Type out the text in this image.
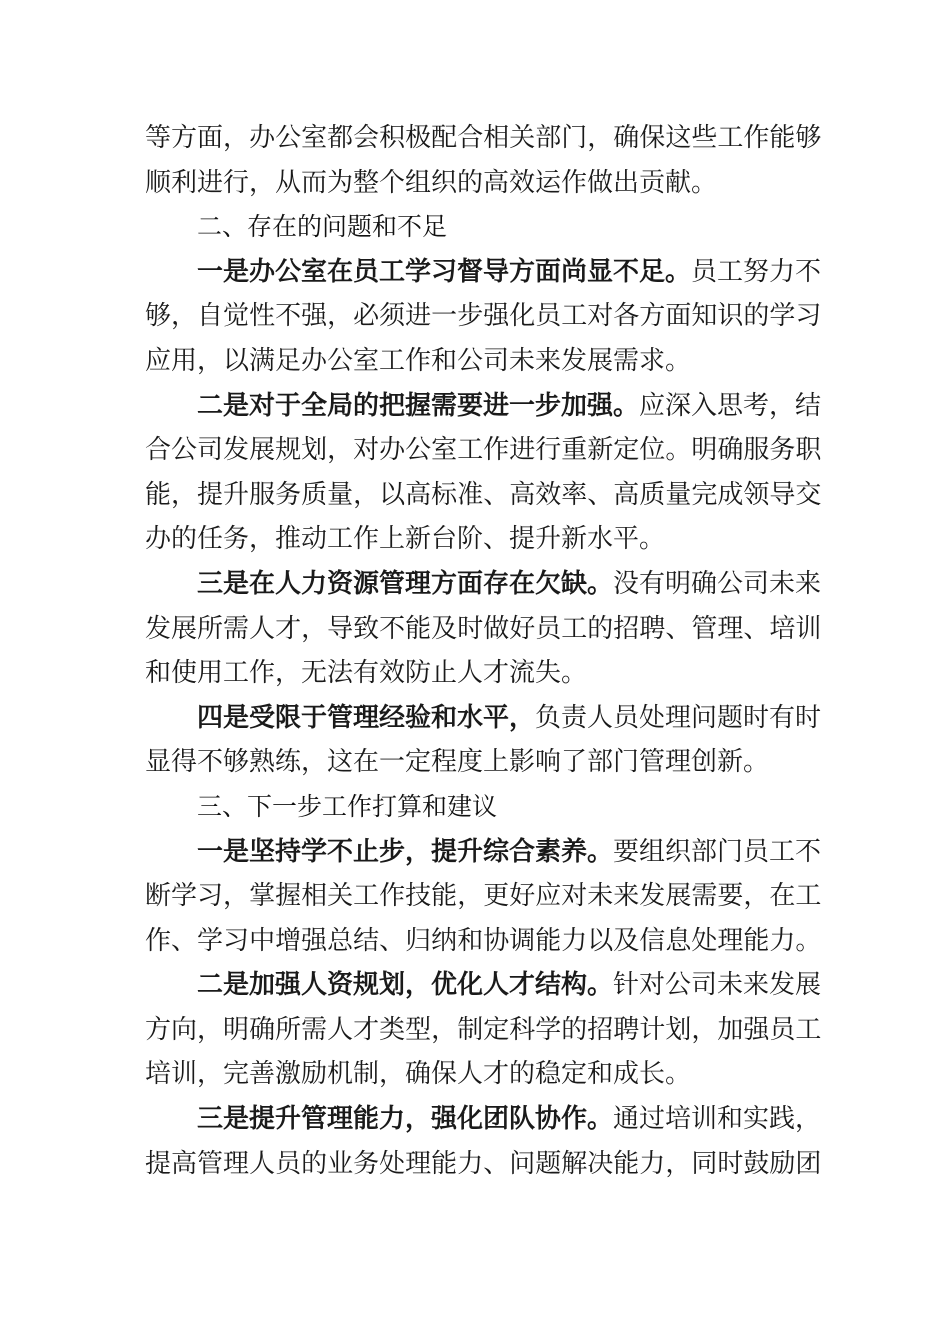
等 方 面 ， 办 公 室 都 会 积 极 配 合 相 关 部 门 ， 确 保 这 些 工 作 能 够
顺利进行，从而为整个组织的高效运作做出贡献。
二、存在的问题和不足
一是办公室在员工学习督导方面尚显不足。 员工努力不
够 ， 自 觉 性 不 强 ， 必 须 进 一 步 强 化 员 工 对 各 方 面 知 识 的 学 习
应用，以满足办公室工作和公司未来发展需求。
二是对于全局的把握需要进一步加强。 应深入思考，结
合 公 司 发 展 规 划 ， 对 办 公 室 工 作 进 行 重 新 定 位 。 明 确 服 务 职
能 ， 提 升 服 务 质 量 ， 以 高 标 准 、 高 效 率 、 高 质 量 完 成 领 导 交
办的任务，推动工作上新台阶、提升新水平。
三是在人力资源管理方面存在欠缺。 没有明确公司未来
发 展 所 需 人 才 ， 导 致 不 能 及 时 做 好 员 工 的 招 聘 、 管 理 、 培 训
和使用工作，无法有效防止人才流失。
四是受限于管理经验和水平， 负责人员处理问题时有时
显得不够熟练，这在一定程度上影响了部门管理创新。
三、下一步工作打算和建议
一是坚持学不止步，提升综合素养。 要组织部门员工不
断 学 习 ， 掌 握 相 关 工 作 技 能 ， 更 好 应 对 未 来 发 展 需 要 ， 在 工
作 、 学 习 中 增 强 总 结 、 归 纳 和 协 调 能 力 以 及 信 息 处 理 能 力 。
二是加强人资规划，优化人才结构。 针对公司未来发展
方 向 ， 明 确 所 需 人 才 类 型 ， 制 定 科 学 的 招 聘 计 划 ， 加 强 员 工
培训，完善激励机制，确保人才的稳定和成长。
三是提升管理能力，强化团队协作。 通过培训和实践，
提 高 管 理 人 员 的 业 务 处 理 能 力 、 问 题 解 决 能 力 ， 同 时 鼓 励 团
